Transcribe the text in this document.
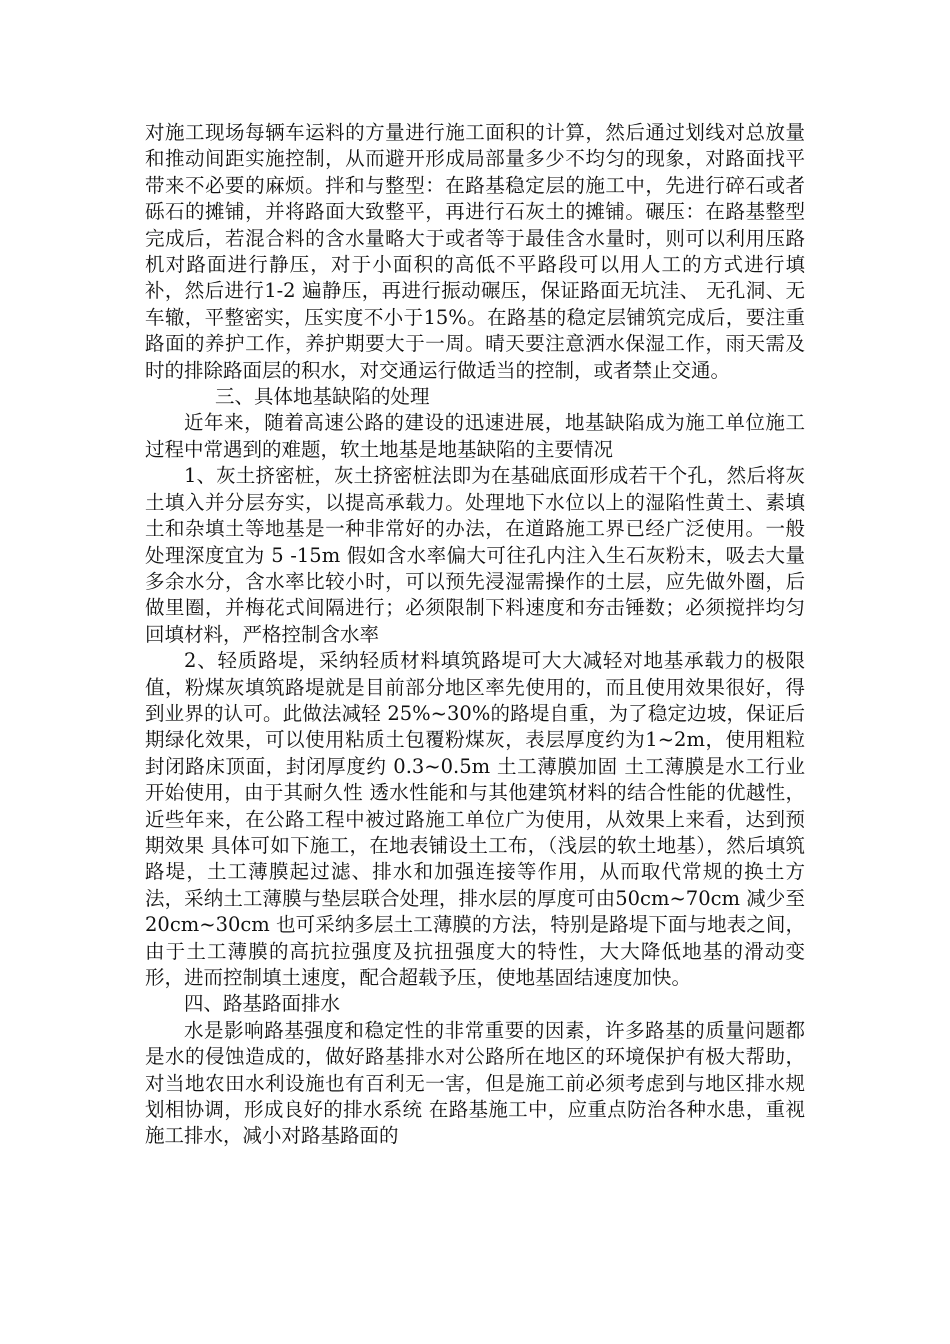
对施工现场每辆车运料的方量进行施工面积的计算，然后通过划线对总放量和推动间距实施控制，从而避开形成局部量多少不均匀的现象，对路面找平带来不必要的麻烦。拌和与整型：在路基稳定层的施工中，先进行碎石或者砾石的摊铺，并将路面大致整平，再进行石灰土的摊铺。碾压：在路基整型完成后，若混合料的含水量略大于或者等于最佳含水量时，则可以利用压路机对路面进行静压，对于小面积的高低不平路段可以用人工的方式进行填补，然后进行1-2 遍静压，再进行振动碾压，保证路面无坑洼、 无孔洞、无车辙，平整密实，压实度不小于15%。在路基的稳定层铺筑完成后，要注重路面的养护工作，养护期要大于一周。晴天要注意洒水保湿工作，雨天需及时的排除路面层的积水，对交通运行做适当的控制，或者禁止交通。

三、具体地基缺陷的处理

近年来，随着高速公路的建设的迅速进展，地基缺陷成为施工单位施工过程中常遇到的难题，软土地基是地基缺陷的主要情况

1、灰土挤密桩，灰土挤密桩法即为在基础底面形成若干个孔，然后将灰土填入并分层夯实，以提高承载力。处理地下水位以上的湿陷性黄土、素填土和杂填土等地基是一种非常好的办法，在道路施工界已经广泛使用。一般处理深度宜为 5 -15m 假如含水率偏大可往孔内注入生石灰粉末，吸去大量多余水分，含水率比较小时，可以预先浸湿需操作的土层，应先做外圈，后做里圈，并梅花式间隔进行；必须限制下料速度和夯击锤数；必须搅拌均匀回填材料，严格控制含水率

2、轻质路堤，采纳轻质材料填筑路堤可大大减轻对地基承载力的极限值，粉煤灰填筑路堤就是目前部分地区率先使用的，而且使用效果很好，得到业界的认可。此做法减轻 25%~30%的路堤自重，为了稳定边坡，保证后期绿化效果，可以使用粘质土包覆粉煤灰，表层厚度约为1~2m，使用粗粒封闭路床顶面，封闭厚度约 0.3~0.5m 土工薄膜加固 土工薄膜是水工行业开始使用，由于其耐久性 透水性能和与其他建筑材料的结合性能的优越性，近些年来，在公路工程中被过路施工单位广为使用，从效果上来看，达到预期效果 具体可如下施工，在地表铺设土工布，（浅层的软土地基），然后填筑路堤，土工薄膜起过滤、排水和加强连接等作用，从而取代常规的换土方法，采纳土工薄膜与垫层联合处理，排水层的厚度可由50cm~70cm 减少至 20cm~30cm 也可采纳多层土工薄膜的方法，特别是路堤下面与地表之间，由于土工薄膜的高抗拉强度及抗扭强度大的特性，大大降低地基的滑动变形，进而控制填土速度，配合超载予压，使地基固结速度加快。

四、路基路面排水

水是影响路基强度和稳定性的非常重要的因素，许多路基的质量问题都是水的侵蚀造成的，做好路基排水对公路所在地区的环境保护有极大帮助，对当地农田水利设施也有百利无一害，但是施工前必须考虑到与地区排水规划相协调，形成良好的排水系统 在路基施工中，应重点防治各种水患，重视施工排水，减小对路基路面的
